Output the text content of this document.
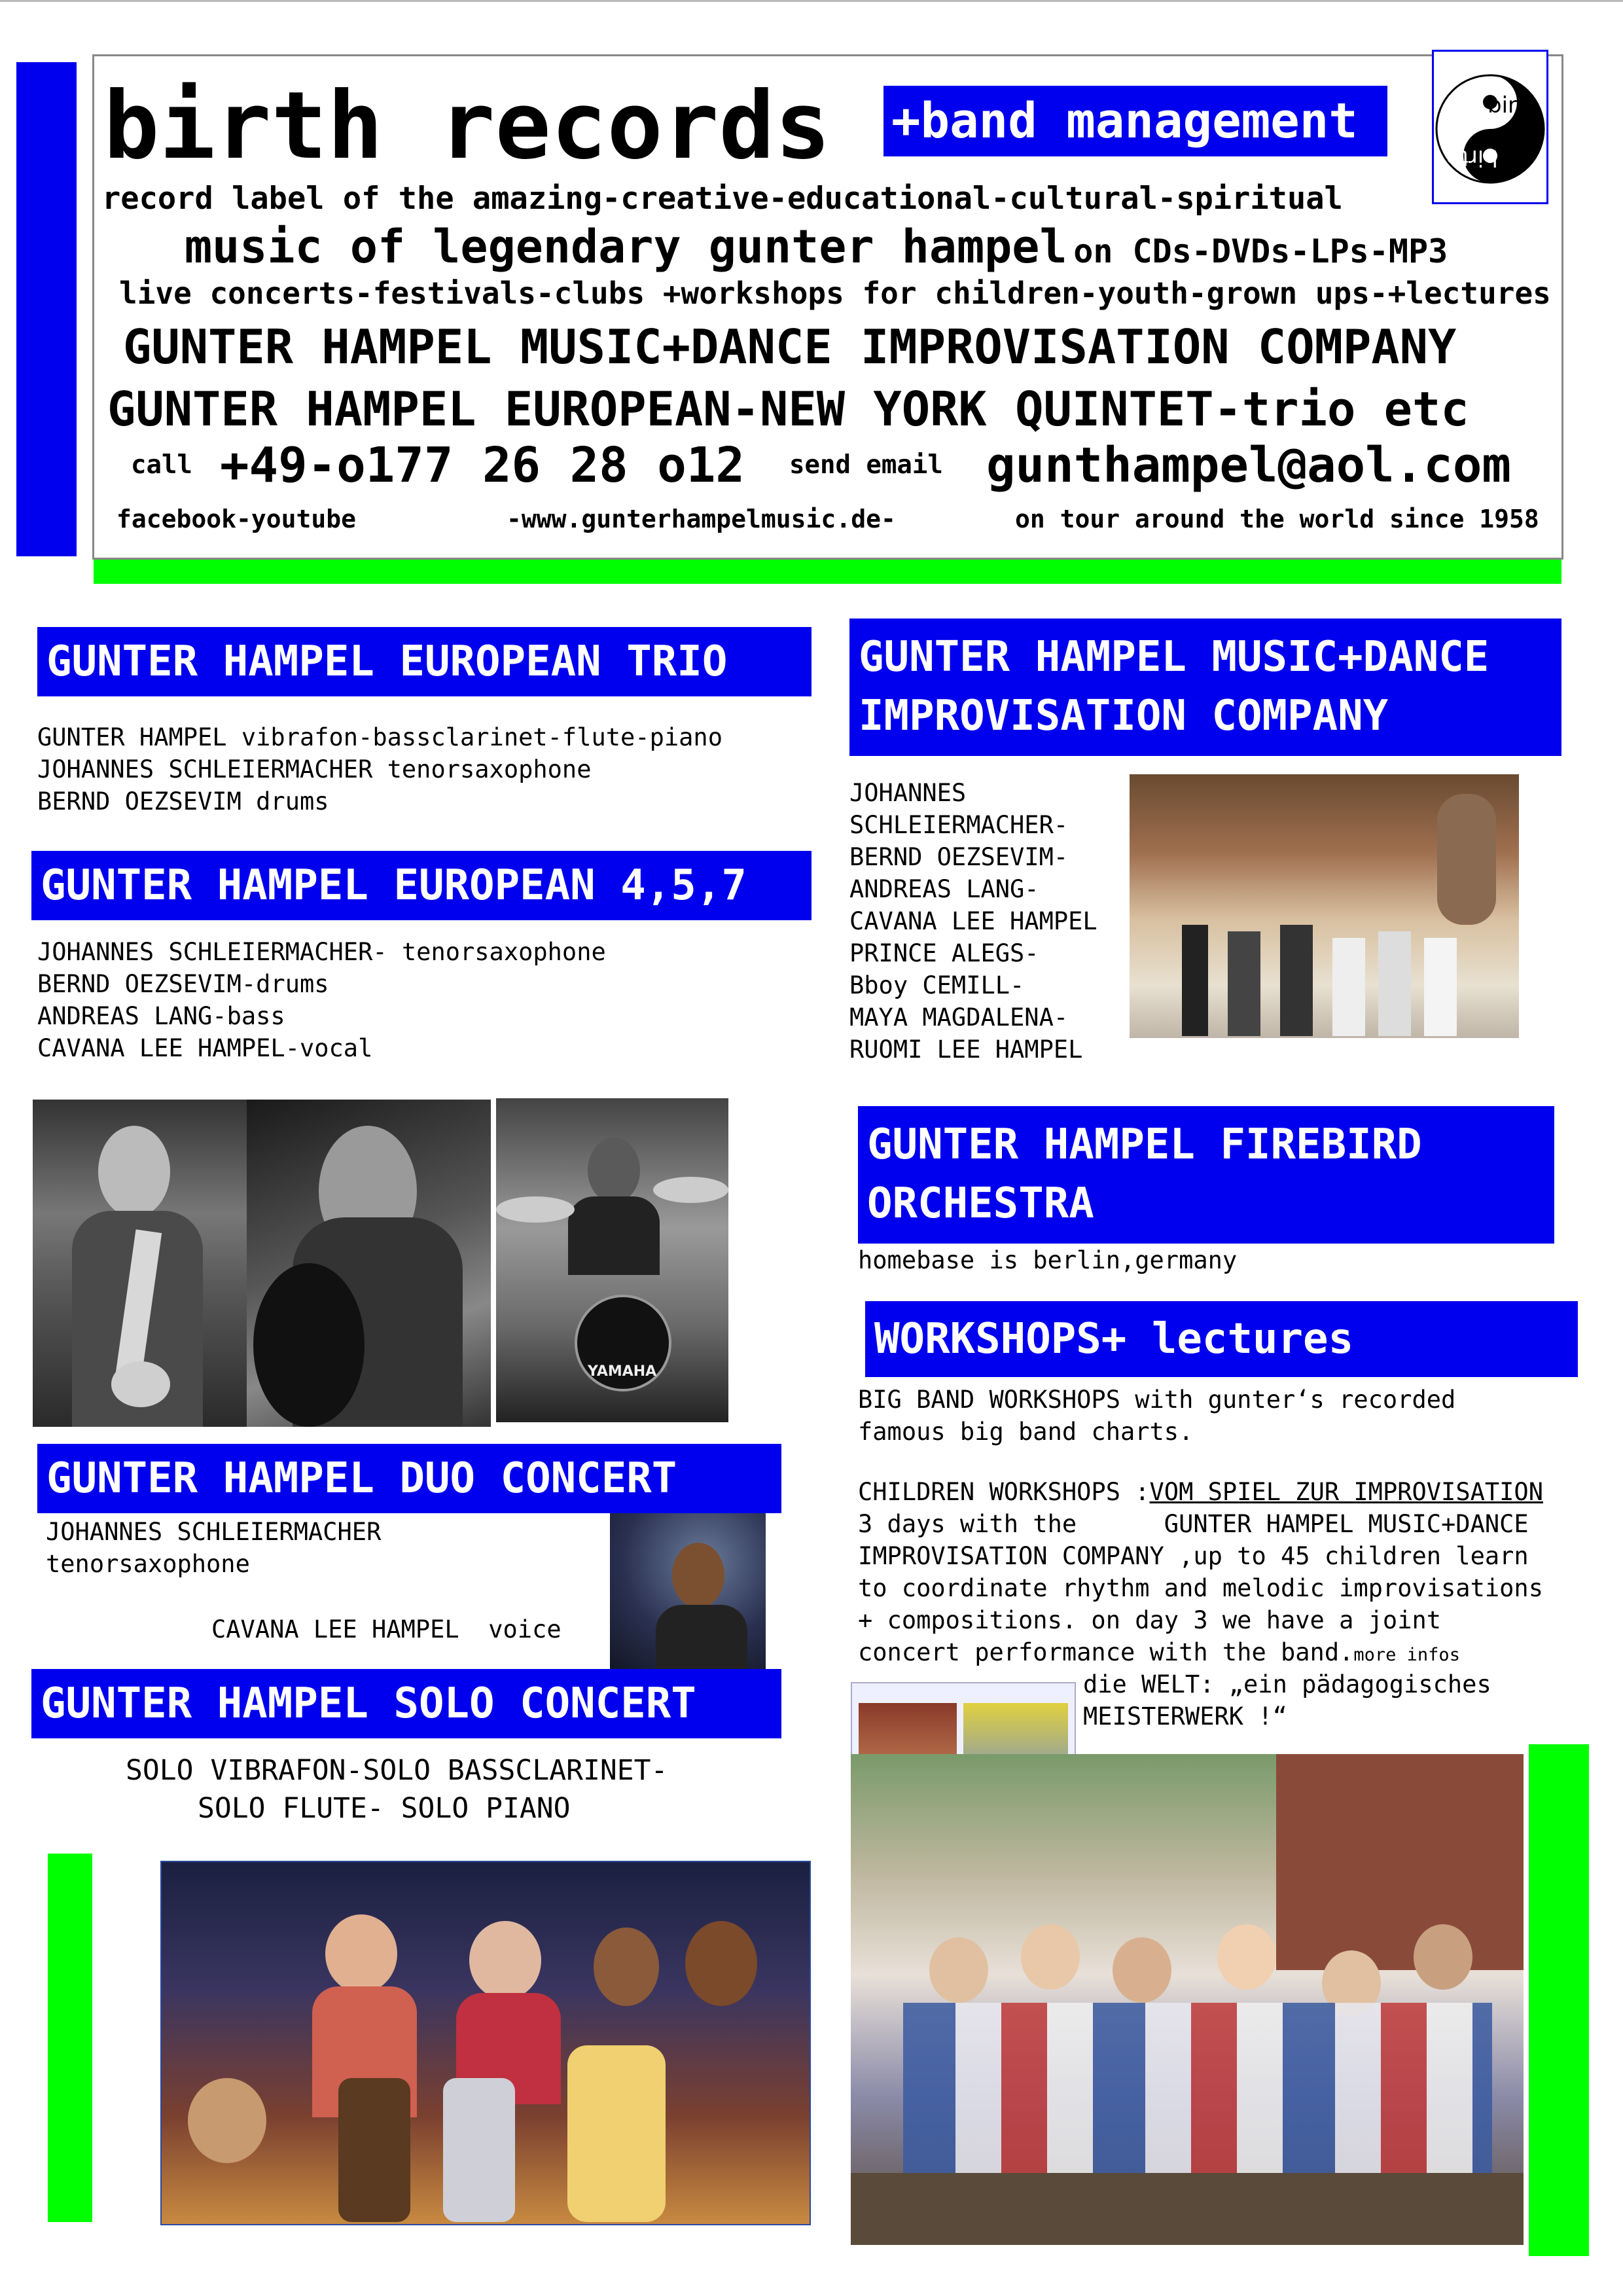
birth records +band management	birth
birth
record label of the amazing-creative-educational-cultural-spiritual
music of legendary gunter hampel on CDs-DVDs-LPs-MP3
live concerts-festivals-clubs +workshops for children-youth-grown ups-+lectures
GUNTER HAMPEL MUSIC+DANCE IMPROVISATION COMPANY
GUNTER HAMPEL EUROPEAN-NEW YORK QUINTET-trio etc
call +49-o177 26 28 o12 send email gunthampel@aol.com
facebook-youtube	-www.gunterhampelmusic.de-	on tour around the world since 1958
GUNTER HAMPEL EUROPEAN TRIO
GUNTER HAMPEL vibrafon-bassclarinet-flute-piano
JOHANNES SCHLEIERMACHER tenorsaxophone
BERND OEZSEVIM drums
GUNTER HAMPEL EUROPEAN 4,5,7
JOHANNES SCHLEIERMACHER- tenorsaxophone
BERND OEZSEVIM-drums
ANDREAS LANG-bass
CAVANA LEE HAMPEL-vocal
YAMAHA
GUNTER HAMPEL DUO CONCERT
JOHANNES SCHLEIERMACHER
tenorsaxophone
CAVANA LEE HAMPEL  voice
GUNTER HAMPEL SOLO CONCERT
SOLO VIBRAFON-SOLO BASSCLARINET-
SOLO FLUTE- SOLO PIANO
GUNTER HAMPEL MUSIC+DANCE
IMPROVISATION COMPANY
JOHANNES
SCHLEIERMACHER-
BERND OEZSEVIM-
ANDREAS LANG-
CAVANA LEE HAMPEL
PRINCE ALEGS-
Bboy CEMILL-
MAYA MAGDALENA-
RUOMI LEE HAMPEL
GUNTER HAMPEL FIREBIRD
ORCHESTRA
homebase is berlin,germany
WORKSHOPS+ lectures
BIG BAND WORKSHOPS with gunter‘s recorded
famous big band charts.
CHILDREN WORKSHOPS :VOM SPIEL ZUR IMPROVISATION
3 days with the      GUNTER HAMPEL MUSIC+DANCE
IMPROVISATION COMPANY ,up to 45 children learn
to coordinate rhythm and melodic improvisations
+ compositions. on day 3 we have a joint
concert performance with the band.more infos
die WELT: „ein pädagogisches
MEISTERWERK !“
